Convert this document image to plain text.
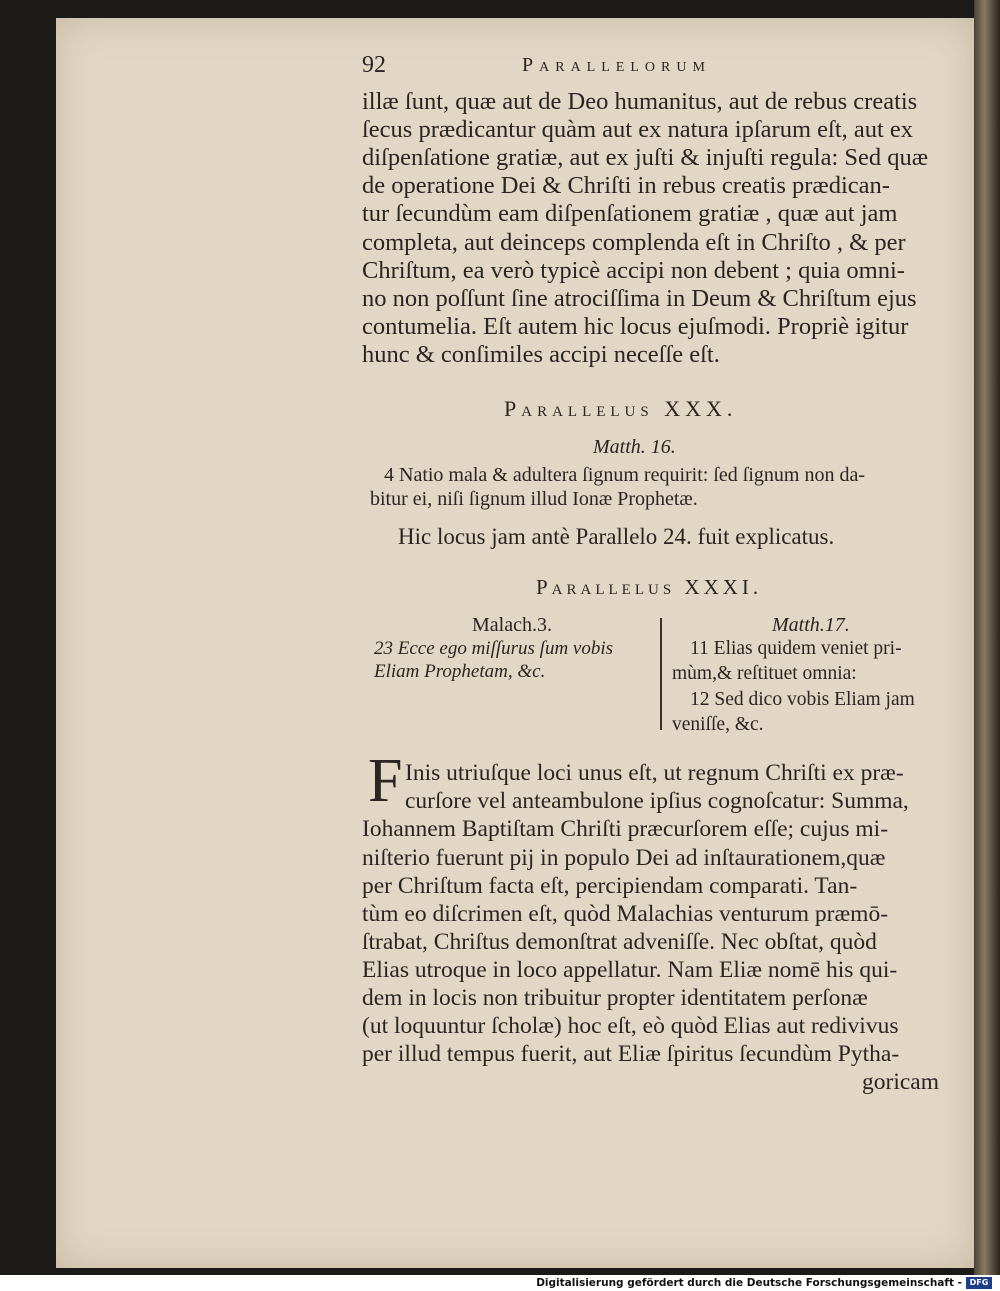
92	Parallelorum
illæ ſunt, quæ aut de Deo humanitus, aut de rebus creatis
ſecus prædicantur quàm aut ex natura ipſarum eſt, aut ex
diſpenſatione gratiæ, aut ex juſti & injuſti regula: Sed quæ
de operatione Dei & Chriſti in rebus creatis prædican-
tur ſecundùm eam diſpenſationem gratiæ , quæ aut jam
completa, aut deinceps complenda eſt in Chriſto , & per
Chriſtum, ea verò typicè accipi non debent ; quia omni-
no non poſſunt ſine atrociſſima in Deum & Chriſtum ejus
contumelia. Eſt autem hic locus ejuſmodi. Propriè igitur
hunc & conſimiles accipi neceſſe eſt.
Parallelus XXX.
Matth. 16.
4 Natio mala & adultera ſignum requirit: ſed ſignum non da-
bitur ei, niſi ſignum illud Ionæ Prophetæ.
Hic locus jam antè Parallelo 24. fuit explicatus.
Parallelus XXXI.
Malach.3.
23 Ecce ego miſſurus ſum vobis
Eliam Prophetam, &c.
Matth.17.
11 Elias quidem veniet pri-
mùm,& reſtituet omnia:
12 Sed dico vobis Eliam jam
veniſſe, &c.
F Inis utriuſque loci unus eſt, ut regnum Chriſti ex præ-
curſore vel anteambulone ipſius cognoſcatur: Summa,
Iohannem Baptiſtam Chriſti præcurſorem eſſe; cujus mi-
niſterio fuerunt pij in populo Dei ad inſtaurationem,quæ
per Chriſtum facta eſt, percipiendam comparati. Tan-
tùm eo diſcrimen eſt, quòd Malachias venturum præmō-
ſtrabat, Chriſtus demonſtrat adveniſſe. Nec obſtat, quòd
Elias utroque in loco appellatur. Nam Eliæ nomē his qui-
dem in locis non tribuitur propter identitatem perſonæ
(ut loquuntur ſcholæ) hoc eſt, eò quòd Elias aut redivivus
per illud tempus fuerit, aut Eliæ ſpiritus ſecundùm Pytha-
goricam
Digitalisierung gefördert durch die Deutsche Forschungsgemeinschaft - DFG
